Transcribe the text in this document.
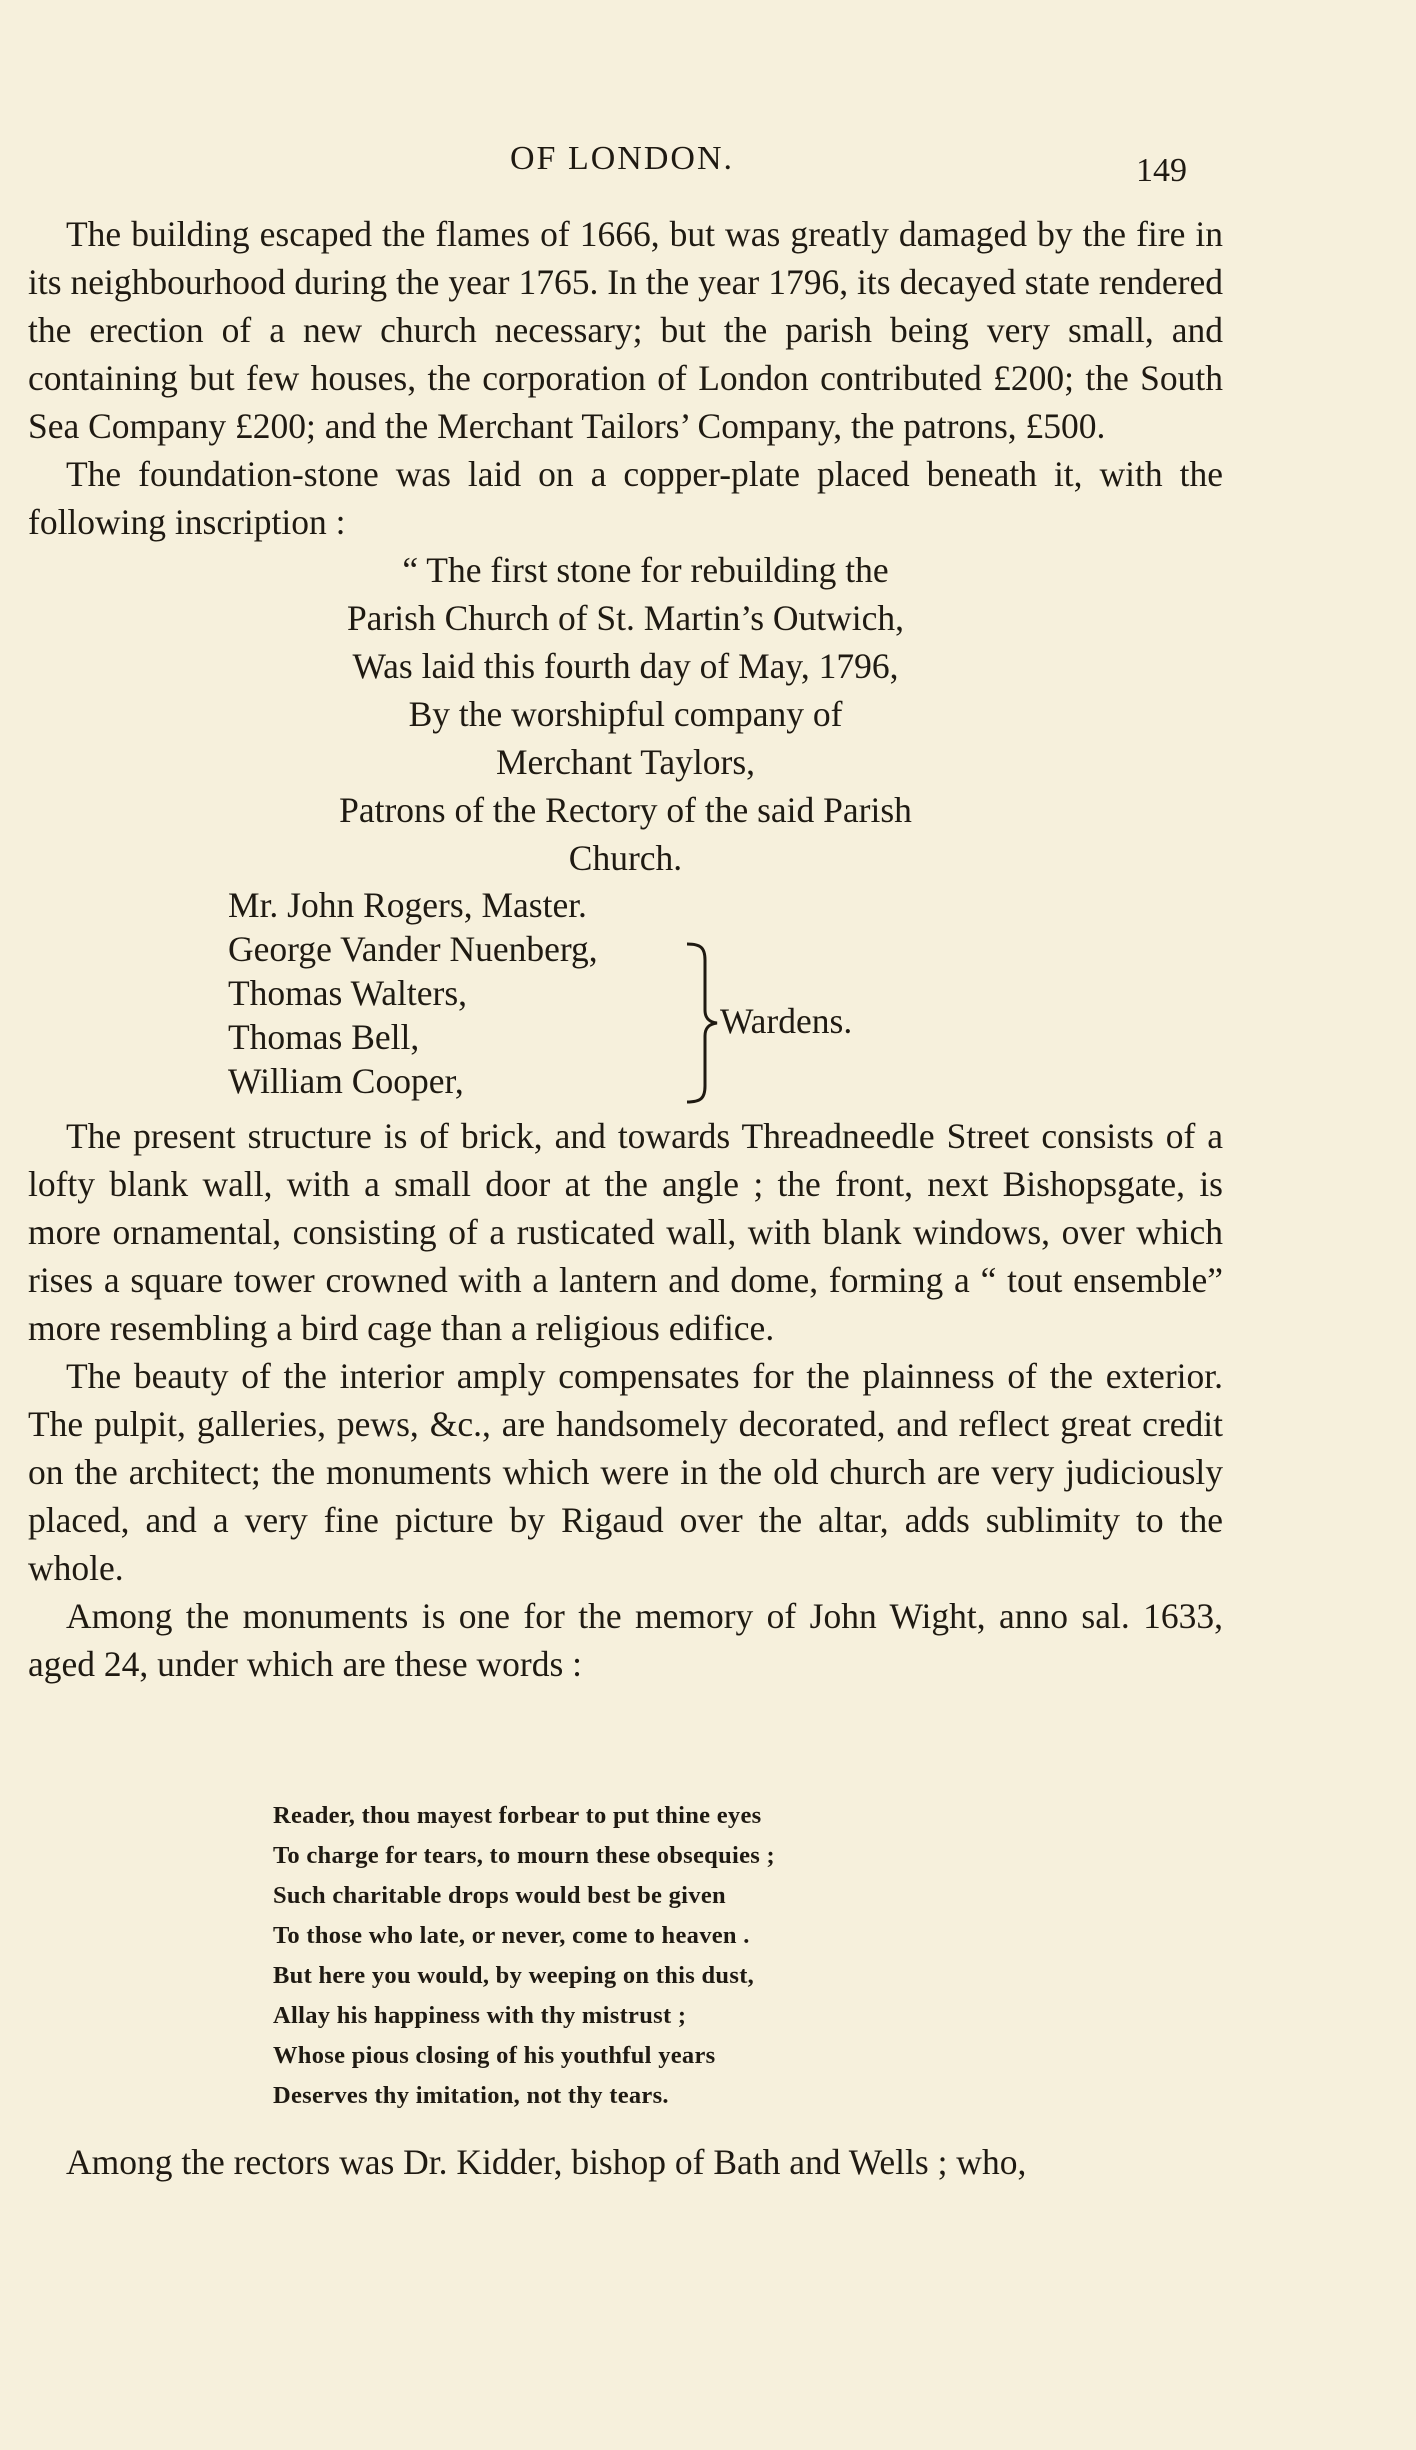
OF LONDON.	149

The building escaped the flames of 1666, but was greatly damaged by the fire in its neighbourhood during the year 1765. In the year 1796, its decayed state rendered the erection of a new church necessary; but the parish being very small, and containing but few houses, the corporation of London contributed £200; the South Sea Company £200; and the Merchant Tailors’ Company, the patrons, £500.

The foundation-stone was laid on a copper-plate placed beneath it, with the following inscription :

“ The first stone for rebuilding the

Parish Church of St. Martin’s Outwich,

Was laid this fourth day of May, 1796,

By the worshipful company of

Merchant Taylors,

Patrons of the Rectory of the said Parish

Church.

Mr. John Rogers, Master.
George Vander Nuenberg,
Thomas Walters,
Thomas Bell,
William Cooper,
Wardens.

The present structure is of brick, and towards Threadneedle Street consists of a lofty blank wall, with a small door at the angle ; the front, next Bishopsgate, is more ornamental, consisting of a rusticated wall, with blank windows, over which rises a square tower crowned with a lantern and dome, forming a “ tout ensemble” more resembling a bird cage than a religious edifice.

The beauty of the interior amply compensates for the plainness of the exterior. The pulpit, galleries, pews, &c., are handsomely decorated, and reflect great credit on the architect; the monuments which were in the old church are very judiciously placed, and a very fine picture by Rigaud over the altar, adds sublimity to the whole.

Among the monuments is one for the memory of John Wight, anno sal. 1633, aged 24, under which are these words :

Reader, thou mayest forbear to put thine eyes

To charge for tears, to mourn these obsequies ;

Such charitable drops would best be given

To those who late, or never, come to heaven .

But here you would, by weeping on this dust,

Allay his happiness with thy mistrust ;

Whose pious closing of his youthful years

Deserves thy imitation, not thy tears.

Among the rectors was Dr. Kidder, bishop of Bath and Wells ; who,
